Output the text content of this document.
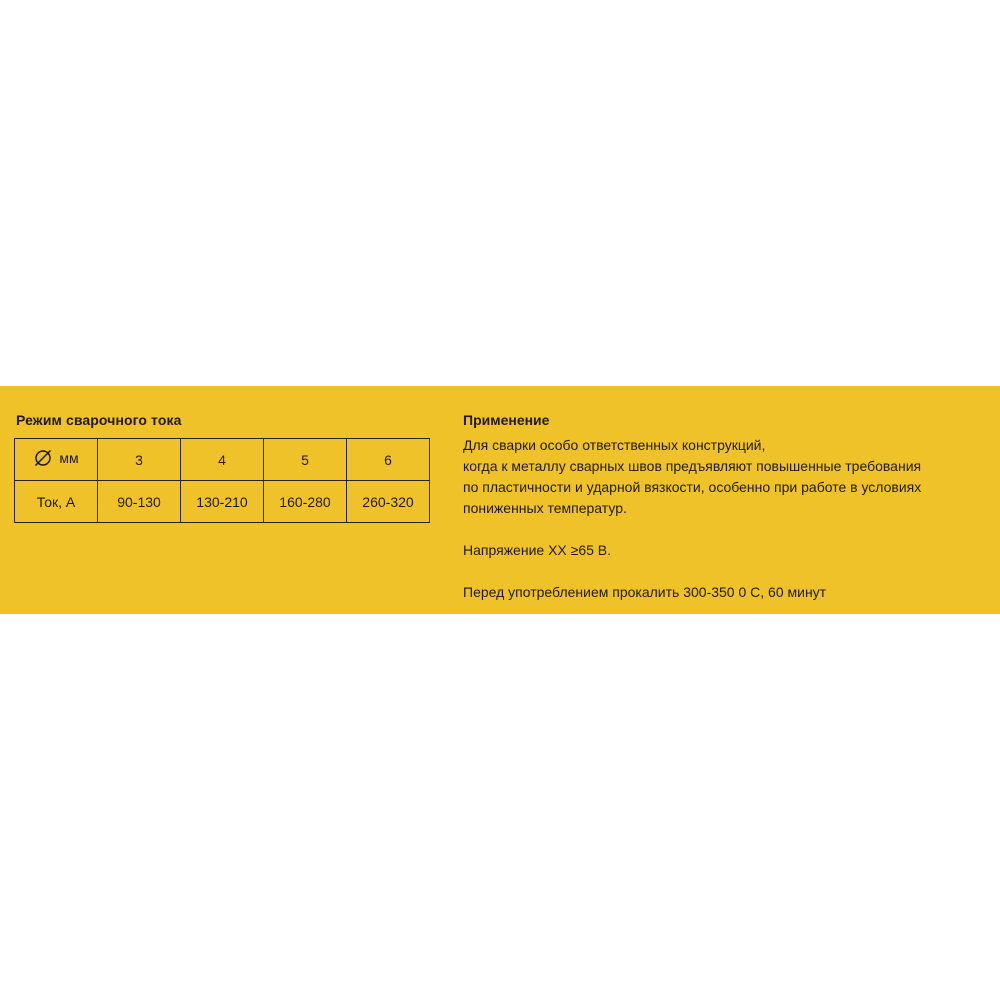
Режим сварочного тока
мм	3	4	5	6
Ток, А	90-130	130-210	160-280	260-320
Применение
Для сварки особо ответственных конструкций,
когда к металлу сварных швов предъявляют повышенные требования
по пластичности и ударной вязкости, особенно при работе в условиях
пониженных температур.
Напряжение ХХ ≥65 В.
Перед употреблением прокалить 300-350 0 С, 60 минут
